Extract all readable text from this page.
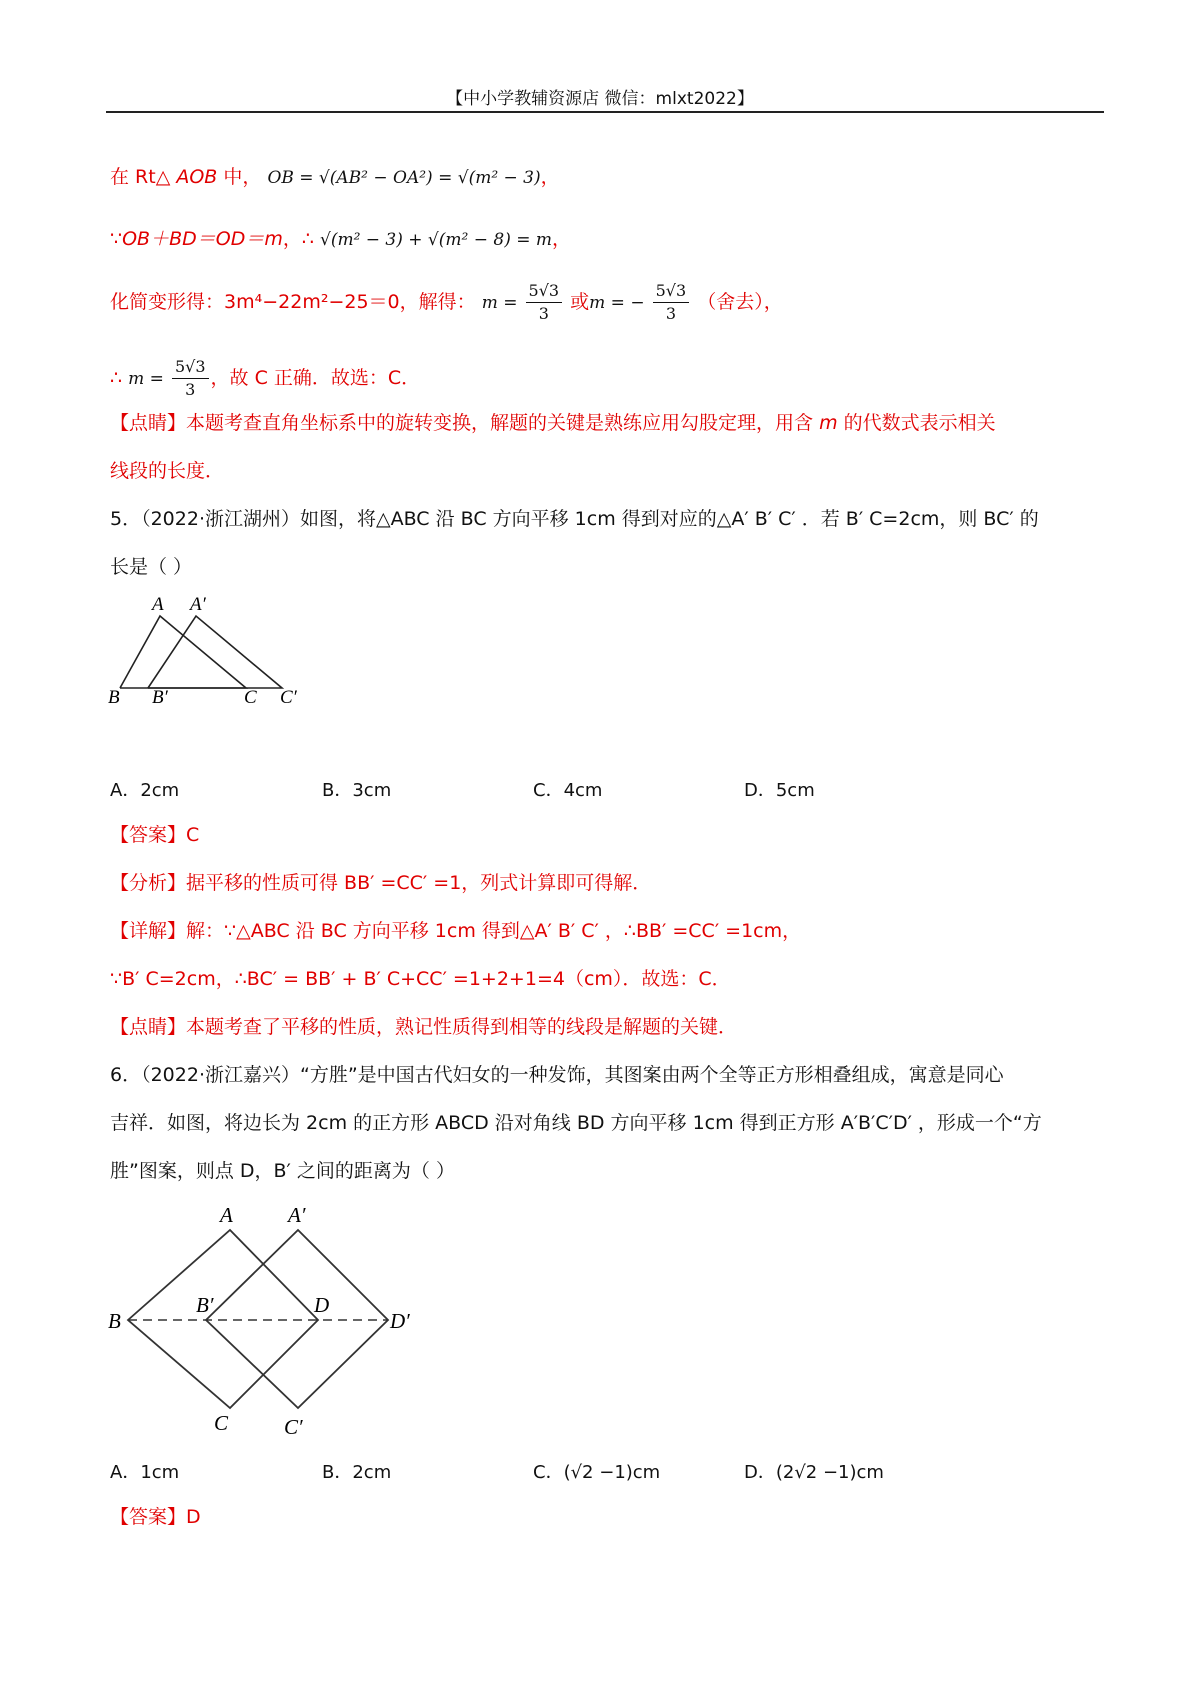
【中小学教辅资源店 微信：mlxt2022】
在 Rt△ AOB 中， OB = √(AB² − OA²) = √(m² − 3)，
∵OB＋BD＝OD＝m，∴ √(m² − 3) + √(m² − 8) = m，
化简变形得：3m⁴−22m²−25＝0，解得： $m = \frac{5√3}{3}$ 或m = − $\frac{5√3}{3}$ （舍去），
∴ $m = \frac{5√3}{3}$ ，故 C 正确．故选：C．
【点睛】本题考查直角坐标系中的旋转变换，解题的关键是熟练应用勾股定理，用含 m 的代数式表示相关
线段的长度．
5．（2022·浙江湖州）如图，将△ABC 沿 BC 方向平移 1cm 得到对应的△A′ B′ C′ ．若 B′ C=2cm，则 BC′ 的
长是（ ）
A A′
B B′	C C′
A．2cm	B．3cm	C．4cm	D．5cm
【答案】C
【分析】据平移的性质可得 BB′ =CC′ =1，列式计算即可得解．
【详解】解：∵△ABC 沿 BC 方向平移 1cm 得到△A′ B′ C′ ，∴BB′ =CC′ =1cm，
∵B′ C=2cm，∴BC′ = BB′ + B′ C+CC′ =1+2+1=4（cm）．故选：C．
【点睛】本题考查了平移的性质，熟记性质得到相等的线段是解题的关键．
6．（2022·浙江嘉兴）“方胜”是中国古代妇女的一种发饰，其图案由两个全等正方形相叠组成，寓意是同心
吉祥．如图，将边长为 2cm 的正方形 ABCD 沿对角线 BD 方向平移 1cm 得到正方形 A′B′C′D′ ，形成一个“方
胜”图案，则点 D，B′ 之间的距离为（ ）
A	A′
B
B′	D
D′
C	C′
A．1cm	B．2cm	C．(√2 −1)cm	D．(2√2 −1)cm
【答案】D
